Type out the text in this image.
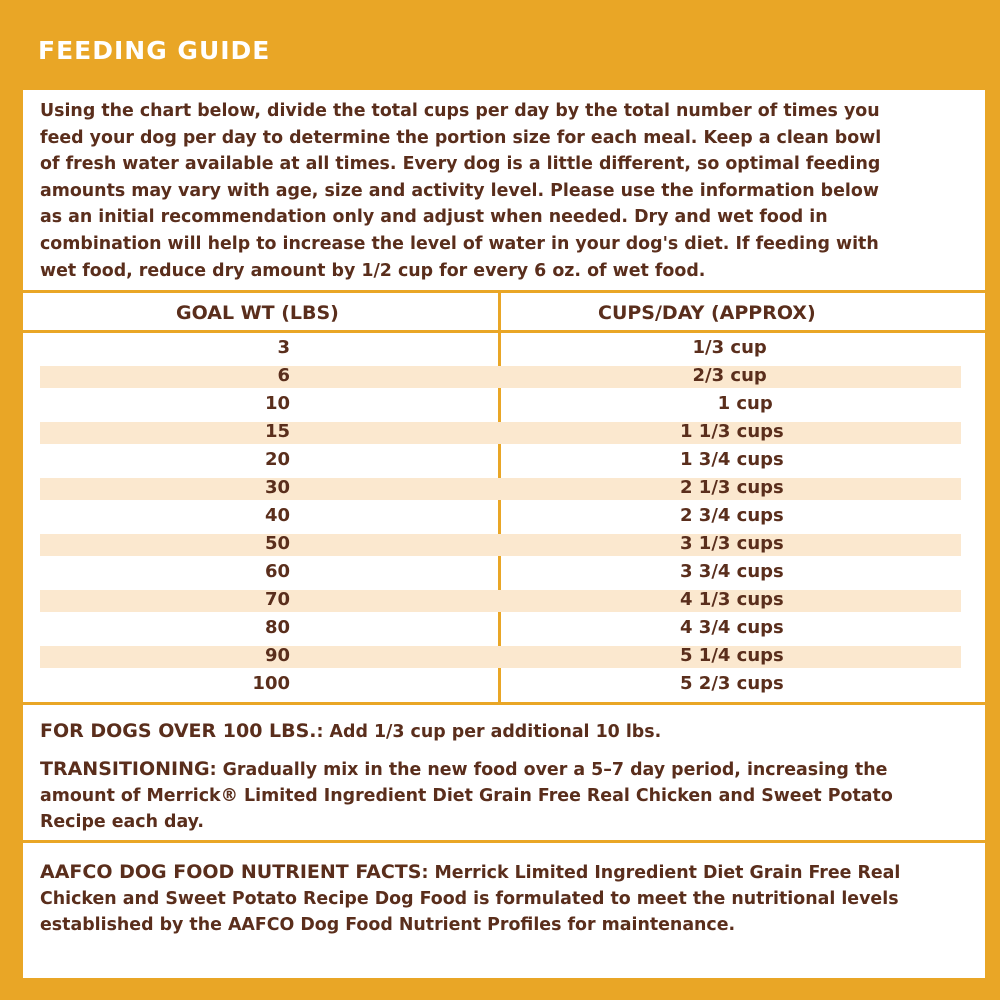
FEEDING GUIDE
Using the chart below, divide the total cups per day by the total number of times you
feed your dog per day to determine the portion size for each meal. Keep a clean bowl
of fresh water available at all times. Every dog is a little different, so optimal feeding
amounts may vary with age, size and activity level. Please use the information below
as an initial recommendation only and adjust when needed. Dry and wet food in
combination will help to increase the level of water in your dog's diet. If feeding with
wet food, reduce dry amount by 1/2 cup for every 6 oz. of wet food.
GOAL WT (LBS)	CUPS/DAY (APPROX)
3	1/3 cup
6	2/3 cup
10	1 cup
15	1 1/3 cups
20	1 3/4 cups
30	2 1/3 cups
40	2 3/4 cups
50	3 1/3 cups
60	3 3/4 cups
70	4 1/3 cups
80	4 3/4 cups
90	5 1/4 cups
100	5 2/3 cups
FOR DOGS OVER 100 LBS.: Add 1/3 cup per additional 10 lbs.
TRANSITIONING: Gradually mix in the new food over a 5–7 day period, increasing the amount of Merrick® Limited Ingredient Diet Grain Free Real Chicken and Sweet Potato Recipe each day.
AAFCO DOG FOOD NUTRIENT FACTS: Merrick Limited Ingredient Diet Grain Free Real Chicken and Sweet Potato Recipe Dog Food is formulated to meet the nutritional levels established by the AAFCO Dog Food Nutrient Profiles for maintenance.
